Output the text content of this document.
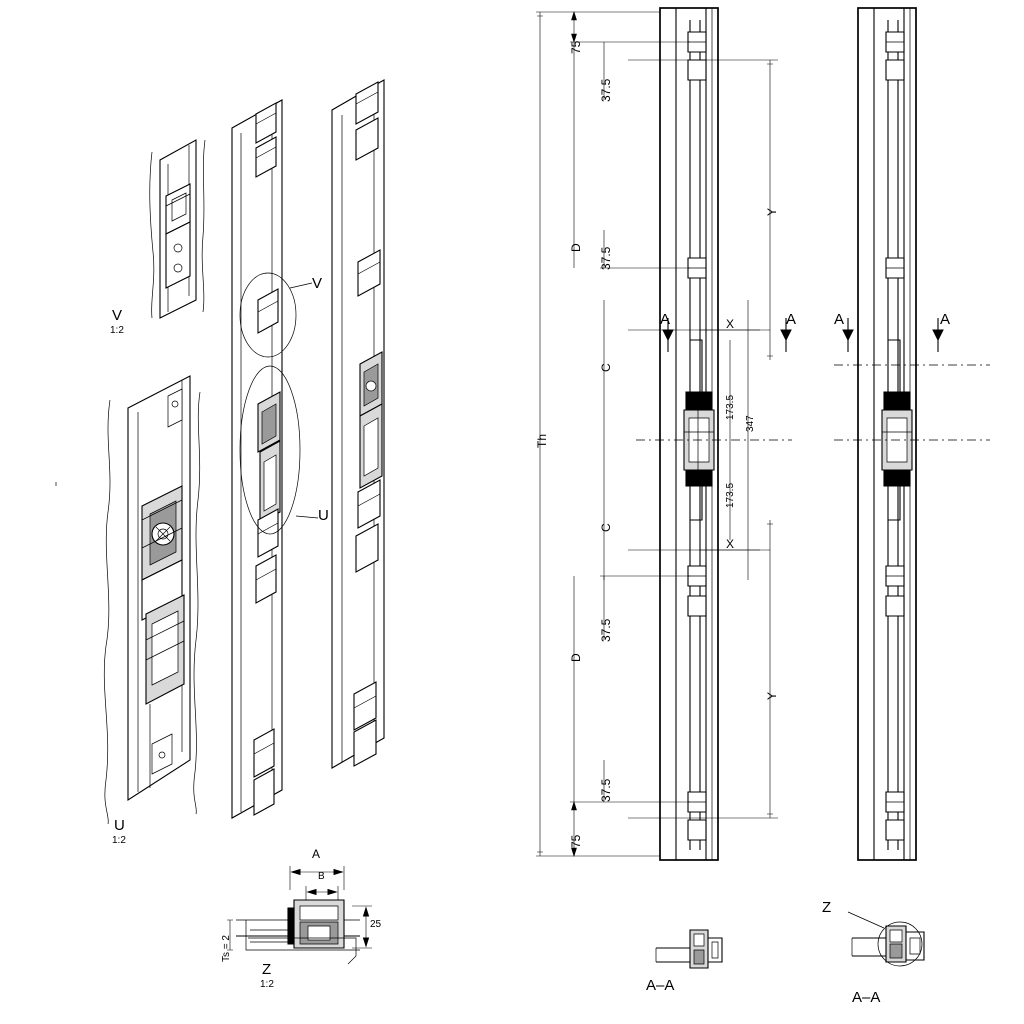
V
1:2
U
1:2
Z
1:2
V
U
Z
A	A	A	A
A–A
A–A
Th
75
37.5
D 37.5
C
C
37.5
D
37.5
75
Y
Y
X
X
173.5
173.5
347
A
B
25
Ts = 2
